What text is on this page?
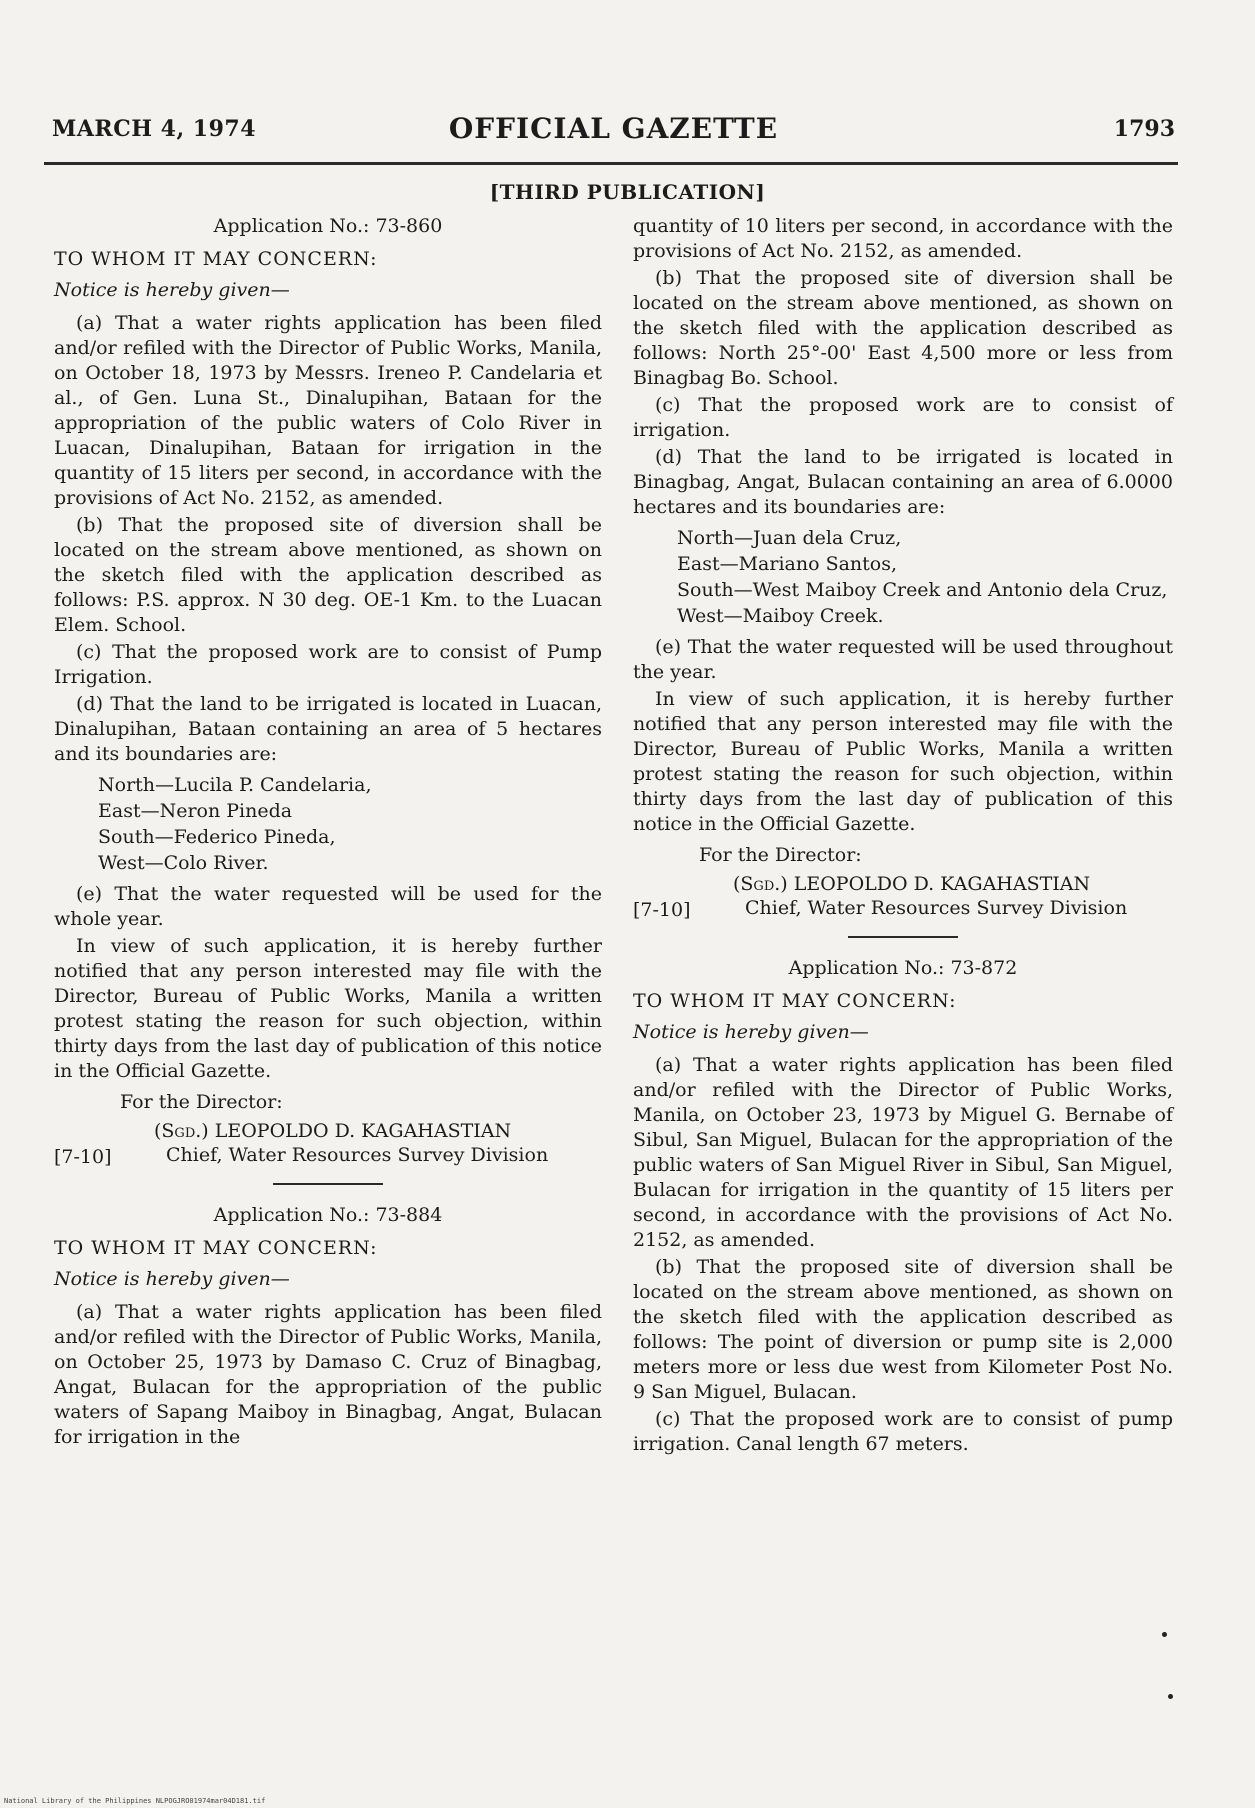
MARCH 4, 1974	OFFICIAL GAZETTE	1793
[THIRD PUBLICATION]
Application No.: 73-860
TO WHOM IT MAY CONCERN:
Notice is hereby given—

(a) That a water rights application has been filed and/or refiled with the Director of Public Works, Manila, on October 18, 1973 by Messrs. Ireneo P. Candelaria et al., of Gen. Luna St., Dinalupihan, Bataan for the appropriation of the public waters of Colo River in Luacan, Dinalupihan, Bataan for irrigation in the quantity of 15 liters per second, in accordance with the provisions of Act No. 2152, as amended.

(b) That the proposed site of diversion shall be located on the stream above mentioned, as shown on the sketch filed with the application described as follows: P.S. approx. N 30 deg. OE-1 Km. to the Luacan Elem. School.

(c) That the proposed work are to consist of Pump Irrigation.

(d) That the land to be irrigated is located in Luacan, Dinalupihan, Bataan containing an area of 5 hectares and its boundaries are:

North—Lucila P. Candelaria,
East—Neron Pineda
South—Federico Pineda,
West—Colo River.

(e) That the water requested will be used for the whole year.

In view of such application, it is hereby further notified that any person interested may file with the Director, Bureau of Public Works, Manila a written protest stating the reason for such objection, within thirty days from the last day of publication of this notice in the Official Gazette.

For the Director:
(Sgd.) LEOPOLDO D. KAGAHASTIAN
[7-10]	Chief, Water Resources Survey Division
Application No.: 73-884
TO WHOM IT MAY CONCERN:
Notice is hereby given—

(a) That a water rights application has been filed and/or refiled with the Director of Public Works, Manila, on October 25, 1973 by Damaso C. Cruz of Binagbag, Angat, Bulacan for the appropriation of the public waters of Sapang Maiboy in Binagbag, Angat, Bulacan for irrigation in the

quantity of 10 liters per second, in accordance with the provisions of Act No. 2152, as amended.

(b) That the proposed site of diversion shall be located on the stream above mentioned, as shown on the sketch filed with the application described as follows: North 25°-00' East 4,500 more or less from Binagbag Bo. School.

(c) That the proposed work are to consist of irrigation.

(d) That the land to be irrigated is located in Binagbag, Angat, Bulacan containing an area of 6.0000 hectares and its boundaries are:

North—Juan dela Cruz,
East—Mariano Santos,
South—West Maiboy Creek and Antonio dela Cruz,
West—Maiboy Creek.

(e) That the water requested will be used throughout the year.

In view of such application, it is hereby further notified that any person interested may file with the Director, Bureau of Public Works, Manila a written protest stating the reason for such objection, within thirty days from the last day of publication of this notice in the Official Gazette.

For the Director:
(Sgd.) LEOPOLDO D. KAGAHASTIAN
[7-10]	Chief, Water Resources Survey Division
Application No.: 73-872
TO WHOM IT MAY CONCERN:
Notice is hereby given—

(a) That a water rights application has been filed and/or refiled with the Director of Public Works, Manila, on October 23, 1973 by Miguel G. Bernabe of Sibul, San Miguel, Bulacan for the appropriation of the public waters of San Miguel River in Sibul, San Miguel, Bulacan for irrigation in the quantity of 15 liters per second, in accordance with the provisions of Act No. 2152, as amended.

(b) That the proposed site of diversion shall be located on the stream above mentioned, as shown on the sketch filed with the application described as follows: The point of diversion or pump site is 2,000 meters more or less due west from Kilometer Post No. 9 San Miguel, Bulacan.

(c) That the proposed work are to consist of pump irrigation. Canal length 67 meters.

National Library of the Philippines NLPOGJRO01974mar04D181.tif
